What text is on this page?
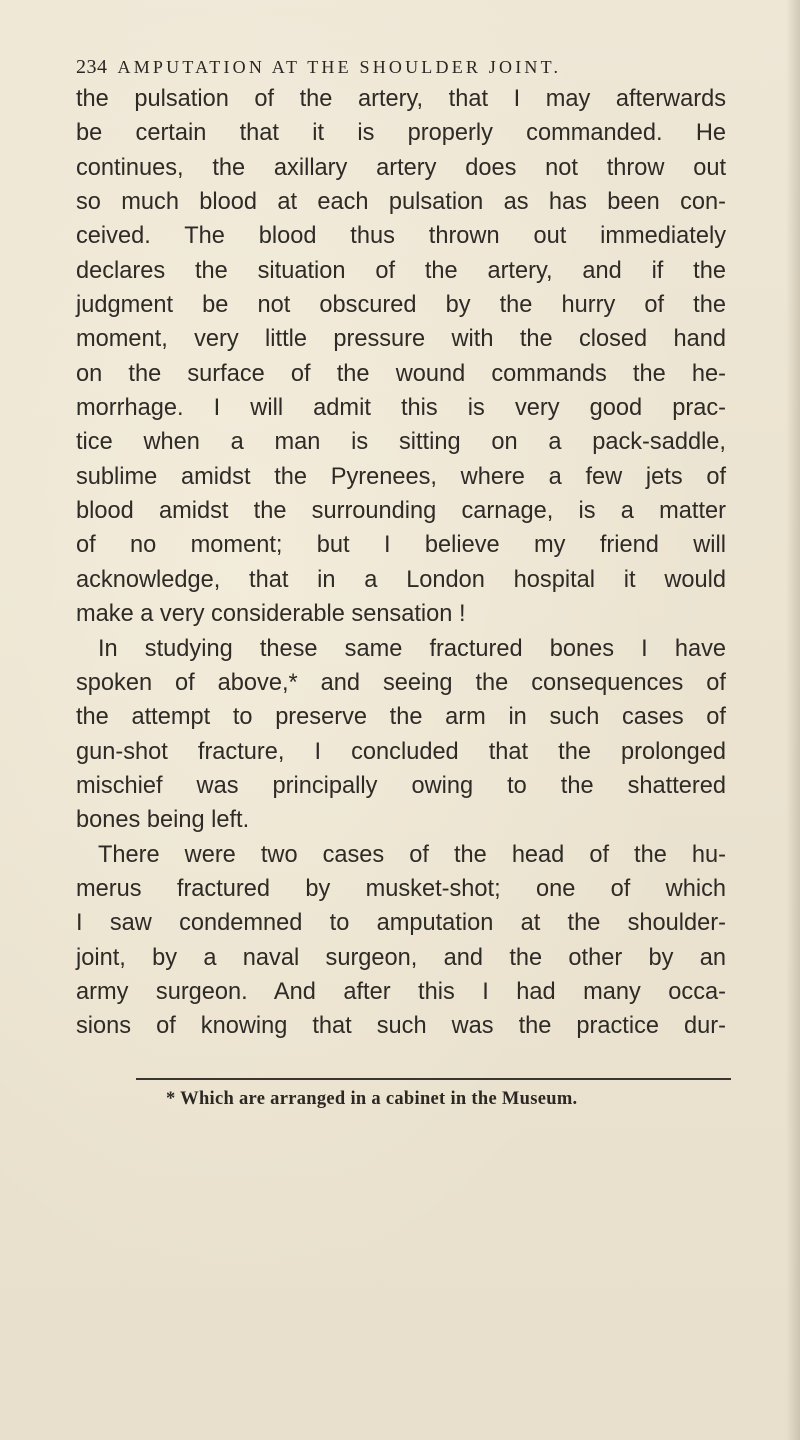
234 AMPUTATION AT THE SHOULDER JOINT.
the pulsation of the artery, that I may afterwards
be certain that it is properly commanded. He
continues, the axillary artery does not throw out
so much blood at each pulsation as has been con-
ceived. The blood thus thrown out immediately
declares the situation of the artery, and if the
judgment be not obscured by the hurry of the
moment, very little pressure with the closed hand
on the surface of the wound commands the he-
morrhage. I will admit this is very good prac-
tice when a man is sitting on a pack-saddle,
sublime amidst the Pyrenees, where a few jets of
blood amidst the surrounding carnage, is a matter
of no moment; but I believe my friend will
acknowledge, that in a London hospital it would
make a very considerable sensation !
In studying these same fractured bones I have
spoken of above,* and seeing the consequences of
the attempt to preserve the arm in such cases of
gun-shot fracture, I concluded that the prolonged
mischief was principally owing to the shattered
bones being left.
There were two cases of the head of the hu-
merus fractured by musket-shot; one of which
I saw condemned to amputation at the shoulder-
joint, by a naval surgeon, and the other by an
army surgeon. And after this I had many occa-
sions of knowing that such was the practice dur-
* Which are arranged in a cabinet in the Museum.
